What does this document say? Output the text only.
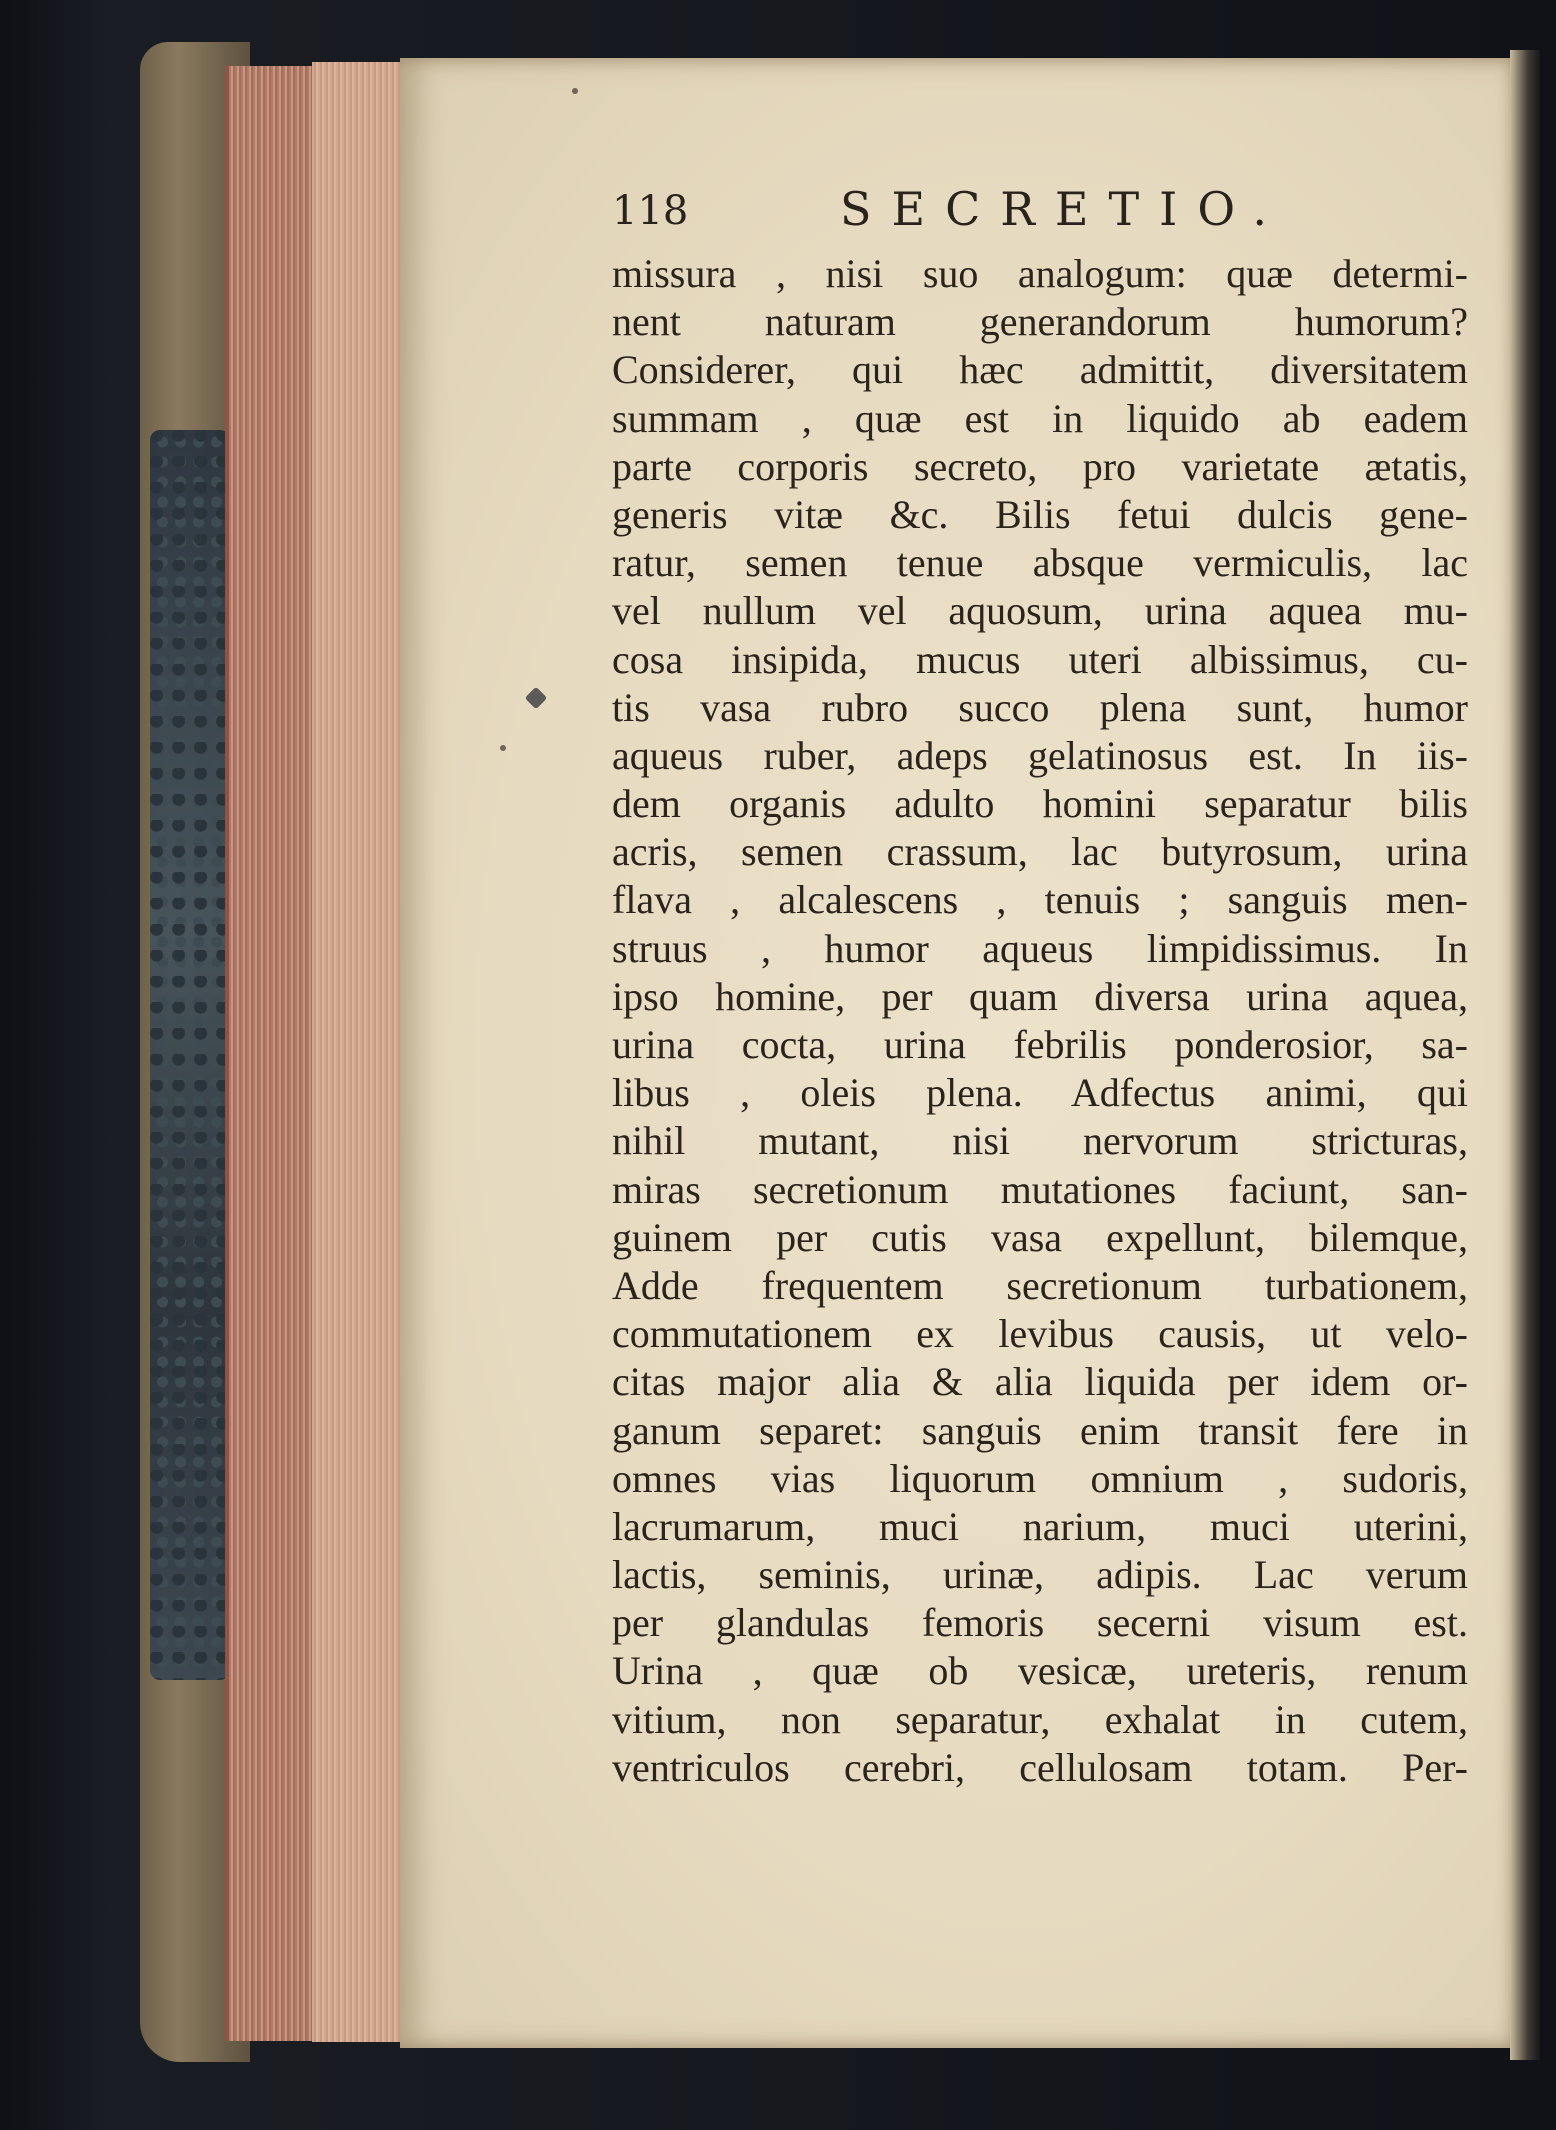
118	SECRETIO.
missura , nisi suo analogum: quæ determi-
nent naturam generandorum humorum?
Considerer, qui hæc admittit, diversitatem
summam , quæ est in liquido ab eadem
parte corporis secreto, pro varietate ætatis,
generis vitæ &c. Bilis fetui dulcis gene-
ratur, semen tenue absque vermiculis, lac
vel nullum vel aquosum, urina aquea mu-
cosa insipida, mucus uteri albissimus, cu-
tis vasa rubro succo plena sunt, humor
aqueus ruber, adeps gelatinosus est. In iis-
dem organis adulto homini separatur bilis
acris, semen crassum, lac butyrosum, urina
flava , alcalescens , tenuis ; sanguis men-
struus , humor aqueus limpidissimus. In
ipso homine, per quam diversa urina aquea,
urina cocta, urina febrilis ponderosior, sa-
libus , oleis plena. Adfectus animi, qui
nihil mutant, nisi nervorum stricturas,
miras secretionum mutationes faciunt, san-
guinem per cutis vasa expellunt, bilemque,
Adde frequentem secretionum turbationem,
commutationem ex levibus causis, ut velo-
citas major alia & alia liquida per idem or-
ganum separet: sanguis enim transit fere in
omnes vias liquorum omnium , sudoris,
lacrumarum, muci narium, muci uterini,
lactis, seminis, urinæ, adipis. Lac verum
per glandulas femoris secerni visum est.
Urina , quæ ob vesicæ, ureteris, renum
vitium, non separatur, exhalat in cutem,
ventriculos cerebri, cellulosam totam. Per-
